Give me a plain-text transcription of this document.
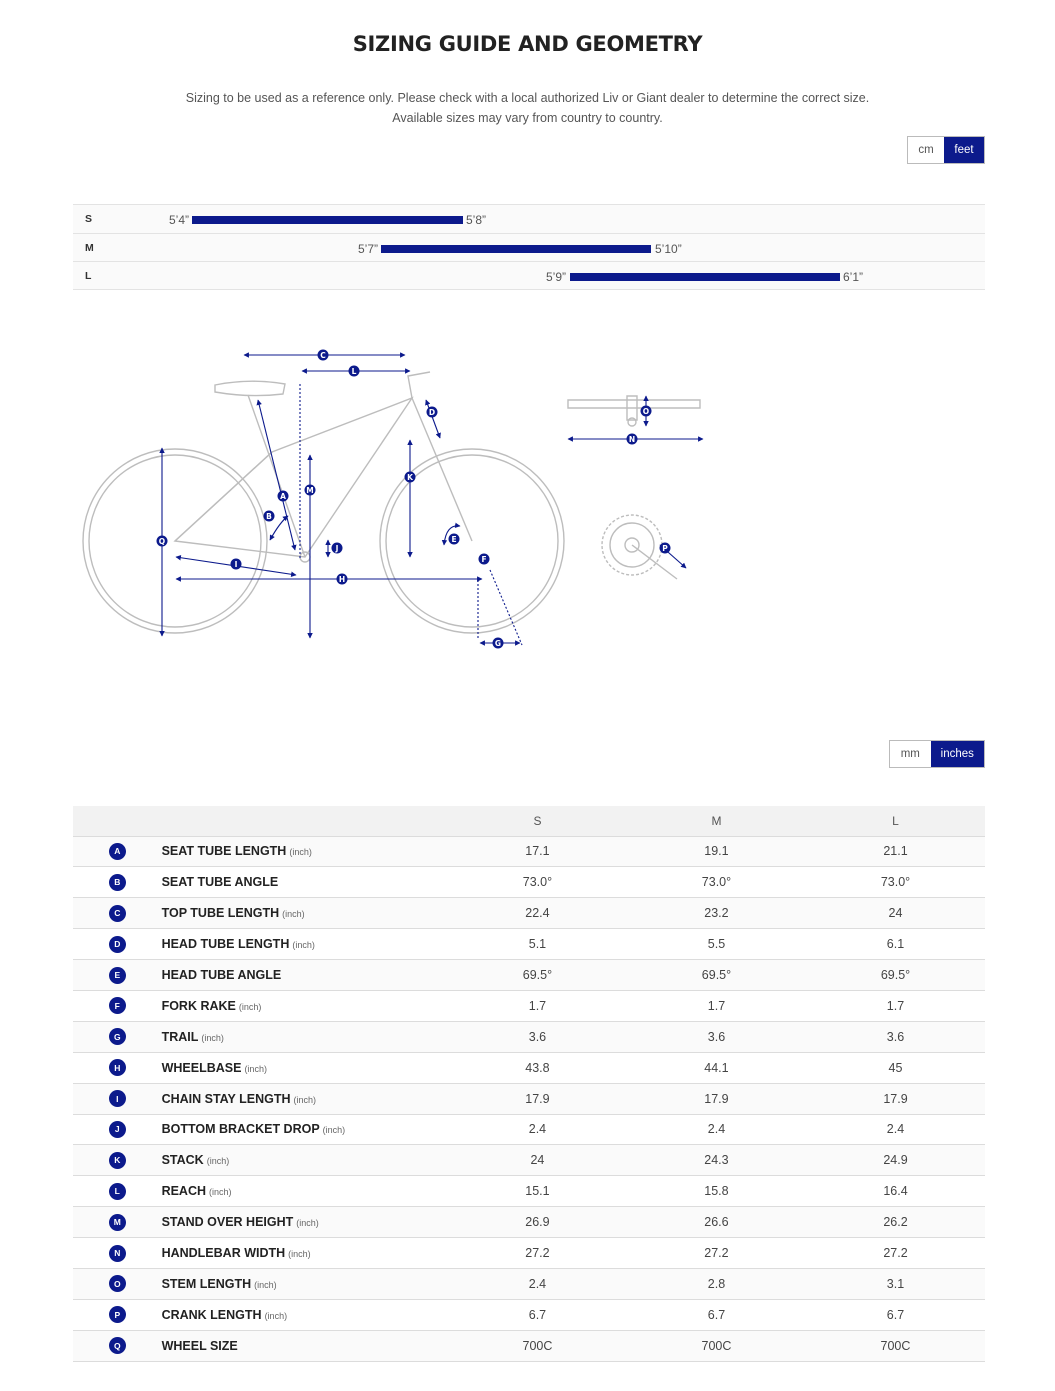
SIZING GUIDE AND GEOMETRY
Sizing to be used as a reference only. Please check with a local authorized Liv or Giant dealer to determine the correct size.
Available sizes may vary from country to country.
cm	feet
S	5’4”	5’8”
M	5’7”	5’10”
L	5’9”	6’1”
A
B
C
D
E
F
G
H
I
J
K
L
M
N
O
P
Q
mm	inches
		S	M	L
A	SEAT TUBE LENGTH (inch)	17.1	19.1	21.1
B	SEAT TUBE ANGLE	73.0°	73.0°	73.0°
C	TOP TUBE LENGTH (inch)	22.4	23.2	24
D	HEAD TUBE LENGTH (inch)	5.1	5.5	6.1
E	HEAD TUBE ANGLE	69.5°	69.5°	69.5°
F	FORK RAKE (inch)	1.7	1.7	1.7
G	TRAIL (inch)	3.6	3.6	3.6
H	WHEELBASE (inch)	43.8	44.1	45
I	CHAIN STAY LENGTH (inch)	17.9	17.9	17.9
J	BOTTOM BRACKET DROP (inch)	2.4	2.4	2.4
K	STACK (inch)	24	24.3	24.9
L	REACH (inch)	15.1	15.8	16.4
M	STAND OVER HEIGHT (inch)	26.9	26.6	26.2
N	HANDLEBAR WIDTH (inch)	27.2	27.2	27.2
O	STEM LENGTH (inch)	2.4	2.8	3.1
P	CRANK LENGTH (inch)	6.7	6.7	6.7
Q	WHEEL SIZE	700C	700C	700C
